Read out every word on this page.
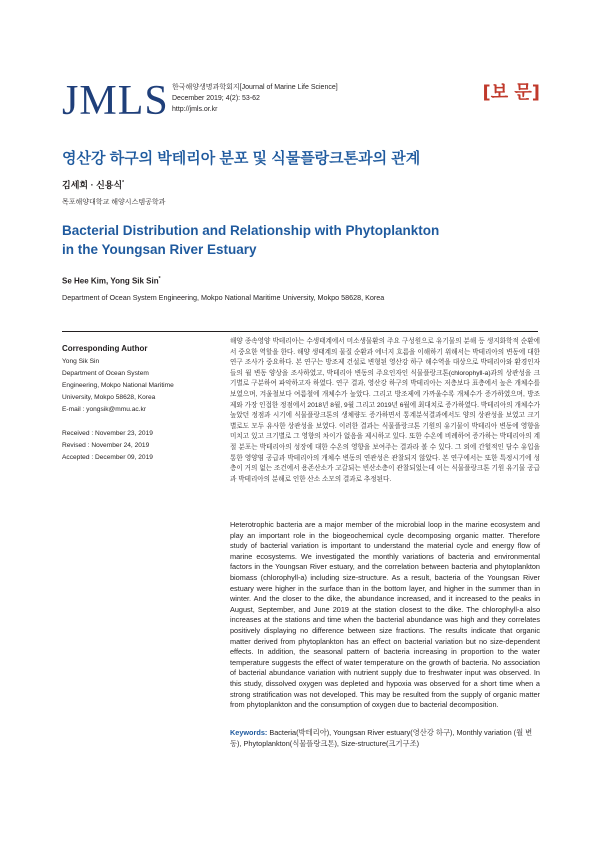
JMLS 한국해양생명과학회지[Journal of Marine Life Science]
December 2019; 4(2): 53-62
http://jmls.or.kr
[보 문]
영산강 하구의 박테리아 분포 및 식물플랑크톤과의 관계
김세희 · 신용식*
목포해양대학교 해양시스템공학과
Bacterial Distribution and Relationship with Phytoplankton
in the Youngsan River Estuary
Se Hee Kim, Yong Sik Sin*
Department of Ocean System Engineering, Mokpo National Maritime University, Mokpo 58628, Korea
Corresponding Author
Yong Sik Sin
Department of Ocean System
Engineering, Mokpo National Maritime
University, Mokpo 58628, Korea
E-mail : yongsik@mmu.ac.kr
Received : November 23, 2019
Revised : November 24, 2019
Accepted : December 09, 2019
해양 종속영양 박테리아는 수생태계에서 미소생물환의 주요 구성원으로 유기물의 분해 등 생지화학적 순환에서 중요한 역할을 한다. 해양 생태계의 물질 순환과 에너지 흐름을 이해하기 위해서는 박테리아의 변동에 대한 연구 조사가 중요하다. 본 연구는 방조제 건설로 변형된 영산강 하구 해수역을 대상으로 박테리아와 환경인자들의 월 변동 양상을 조사하였고, 박테리아 변동의 주요인자인 식물플랑크톤(chlorophyll-a)과의 상관성을 크기별로 구분하여 파악하고자 하였다. 연구 결과, 영산강 하구의 박테리아는 저층보다 표층에서 높은 개체수를 보였으며, 겨울철보다 여름철에 개체수가 높았다. 그리고 방조제에 가까울수록 개체수가 증가하였으며, 방조제와 가장 인접한 정점에서 2018년 8월, 9월 그리고 2019년 6월에 최대치로 증가하였다. 박테리아의 개체수가 높았던 정점과 시기에 식물플랑크톤의 생체량도 증가하면서 통계분석결과에서도 양의 상관성을 보였고 크기별로도 모두 유사한 상관성을 보였다. 이러한 결과는 식물플랑크톤 기원의 유기물이 박테리아 변동에 영향을 미치고 있고 크기별로 그 영향의 차이가 없음을 제시하고 있다. 또한 수온에 비례하여 증가하는 박테리아의 계절 분포는 박테리아의 성장에 대한 수온의 영향을 보여주는 결과라 볼 수 있다. 그 외에 간헐적인 담수 유입을 통한 영양염 공급과 박테리아의 개체수 변동의 연관성은 관찰되지 않았다. 본 연구에서는 또한 특정시기에 성층이 거의 없는 조건에서 용존산소가 고갈되는 빈산소층이 관찰되었는데 이는 식물플랑크톤 기원 유기물 공급과 박테리아의 분해로 인한 산소 소모의 결과로 추정된다.
Heterotrophic bacteria are a major member of the microbial loop in the marine ecosystem and play an important role in the biogeochemical cycle decomposing organic matter. Therefore study of bacterial variation is important to understand the material cycle and energy flow of marine ecosystems. We investigated the monthly variations of bacteria and environmental factors in the Youngsan River estuary, and the correlation between bacteria and phytoplankton biomass (chlorophyll-a) including size-structure. As a result, bacteria of the Youngsan River estuary were higher in the surface than in the bottom layer, and higher in the summer than in winter. And the closer to the dike, the abundance increased, and it increased to the peaks in August, September, and June 2019 at the station closest to the dike. The chlorophyll-a also increases at the stations and time when the bacterial abundance was high and they correlates positively displaying no difference between size fractions. The results indicate that organic matter derived from phytoplankton has an effect on bacterial variation but no size-dependent effects. In addition, the seasonal pattern of bacteria increasing in proportion to the water temperature suggests the effect of water temperature on the growth of bacteria. No association of bacterial abundance variation with nutrient supply due to freshwater input was observed. In this study, dissolved oxygen was depleted and hypoxia was observed for a short time when a strong stratification was not developed. This may be resulted from the supply of organic matter from phytoplankton and the consumption of oxygen due to bacterial decomposition.
Keywords: Bacteria(박테리아), Youngsan River estuary(영산강 하구), Monthly variation (월 변동), Phytoplankton(식물플랑크톤), Size-structure(크기구조)
